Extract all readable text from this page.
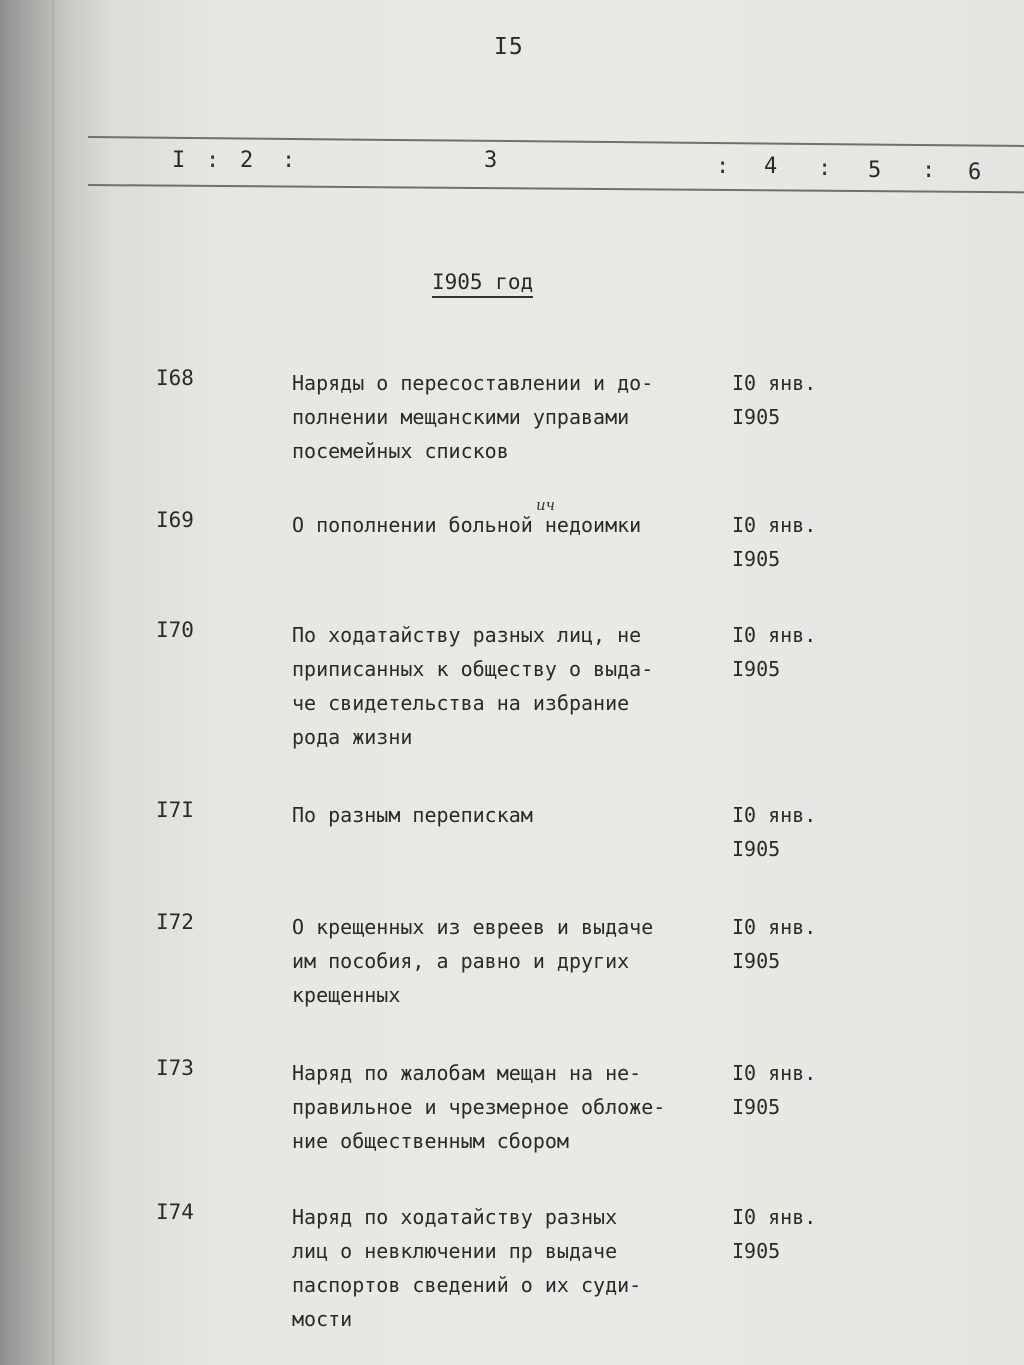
I5
I : 2 :	3	: 4 : 5 : 6
I905 год
I68	Наряды о пересоставлении и до-
полнении мещанскими управами
посемейных списков
I0 янв.
I905
I69	О пополнении больной недоимки	I0 янв.
I905
ич
I70	По ходатайству разных лиц, не
приписанных к обществу о выда-
че свидетельства на избрание
рода жизни
I0 янв.
I905
I7I	По разным перепискам	I0 янв.
I905
I72	О крещенных из евреев и выдаче
им пособия, а равно и других
крещенных
I0 янв.
I905
I73	Наряд по жалобам мещан на не-
правильное и чрезмерное обложе-
ние общественным сбором
I0 янв.
I905
I74	Наряд по ходатайству разных
лиц о невключении пр выдаче
паспортов сведений о их суди-
мости
I0 янв.
I905
